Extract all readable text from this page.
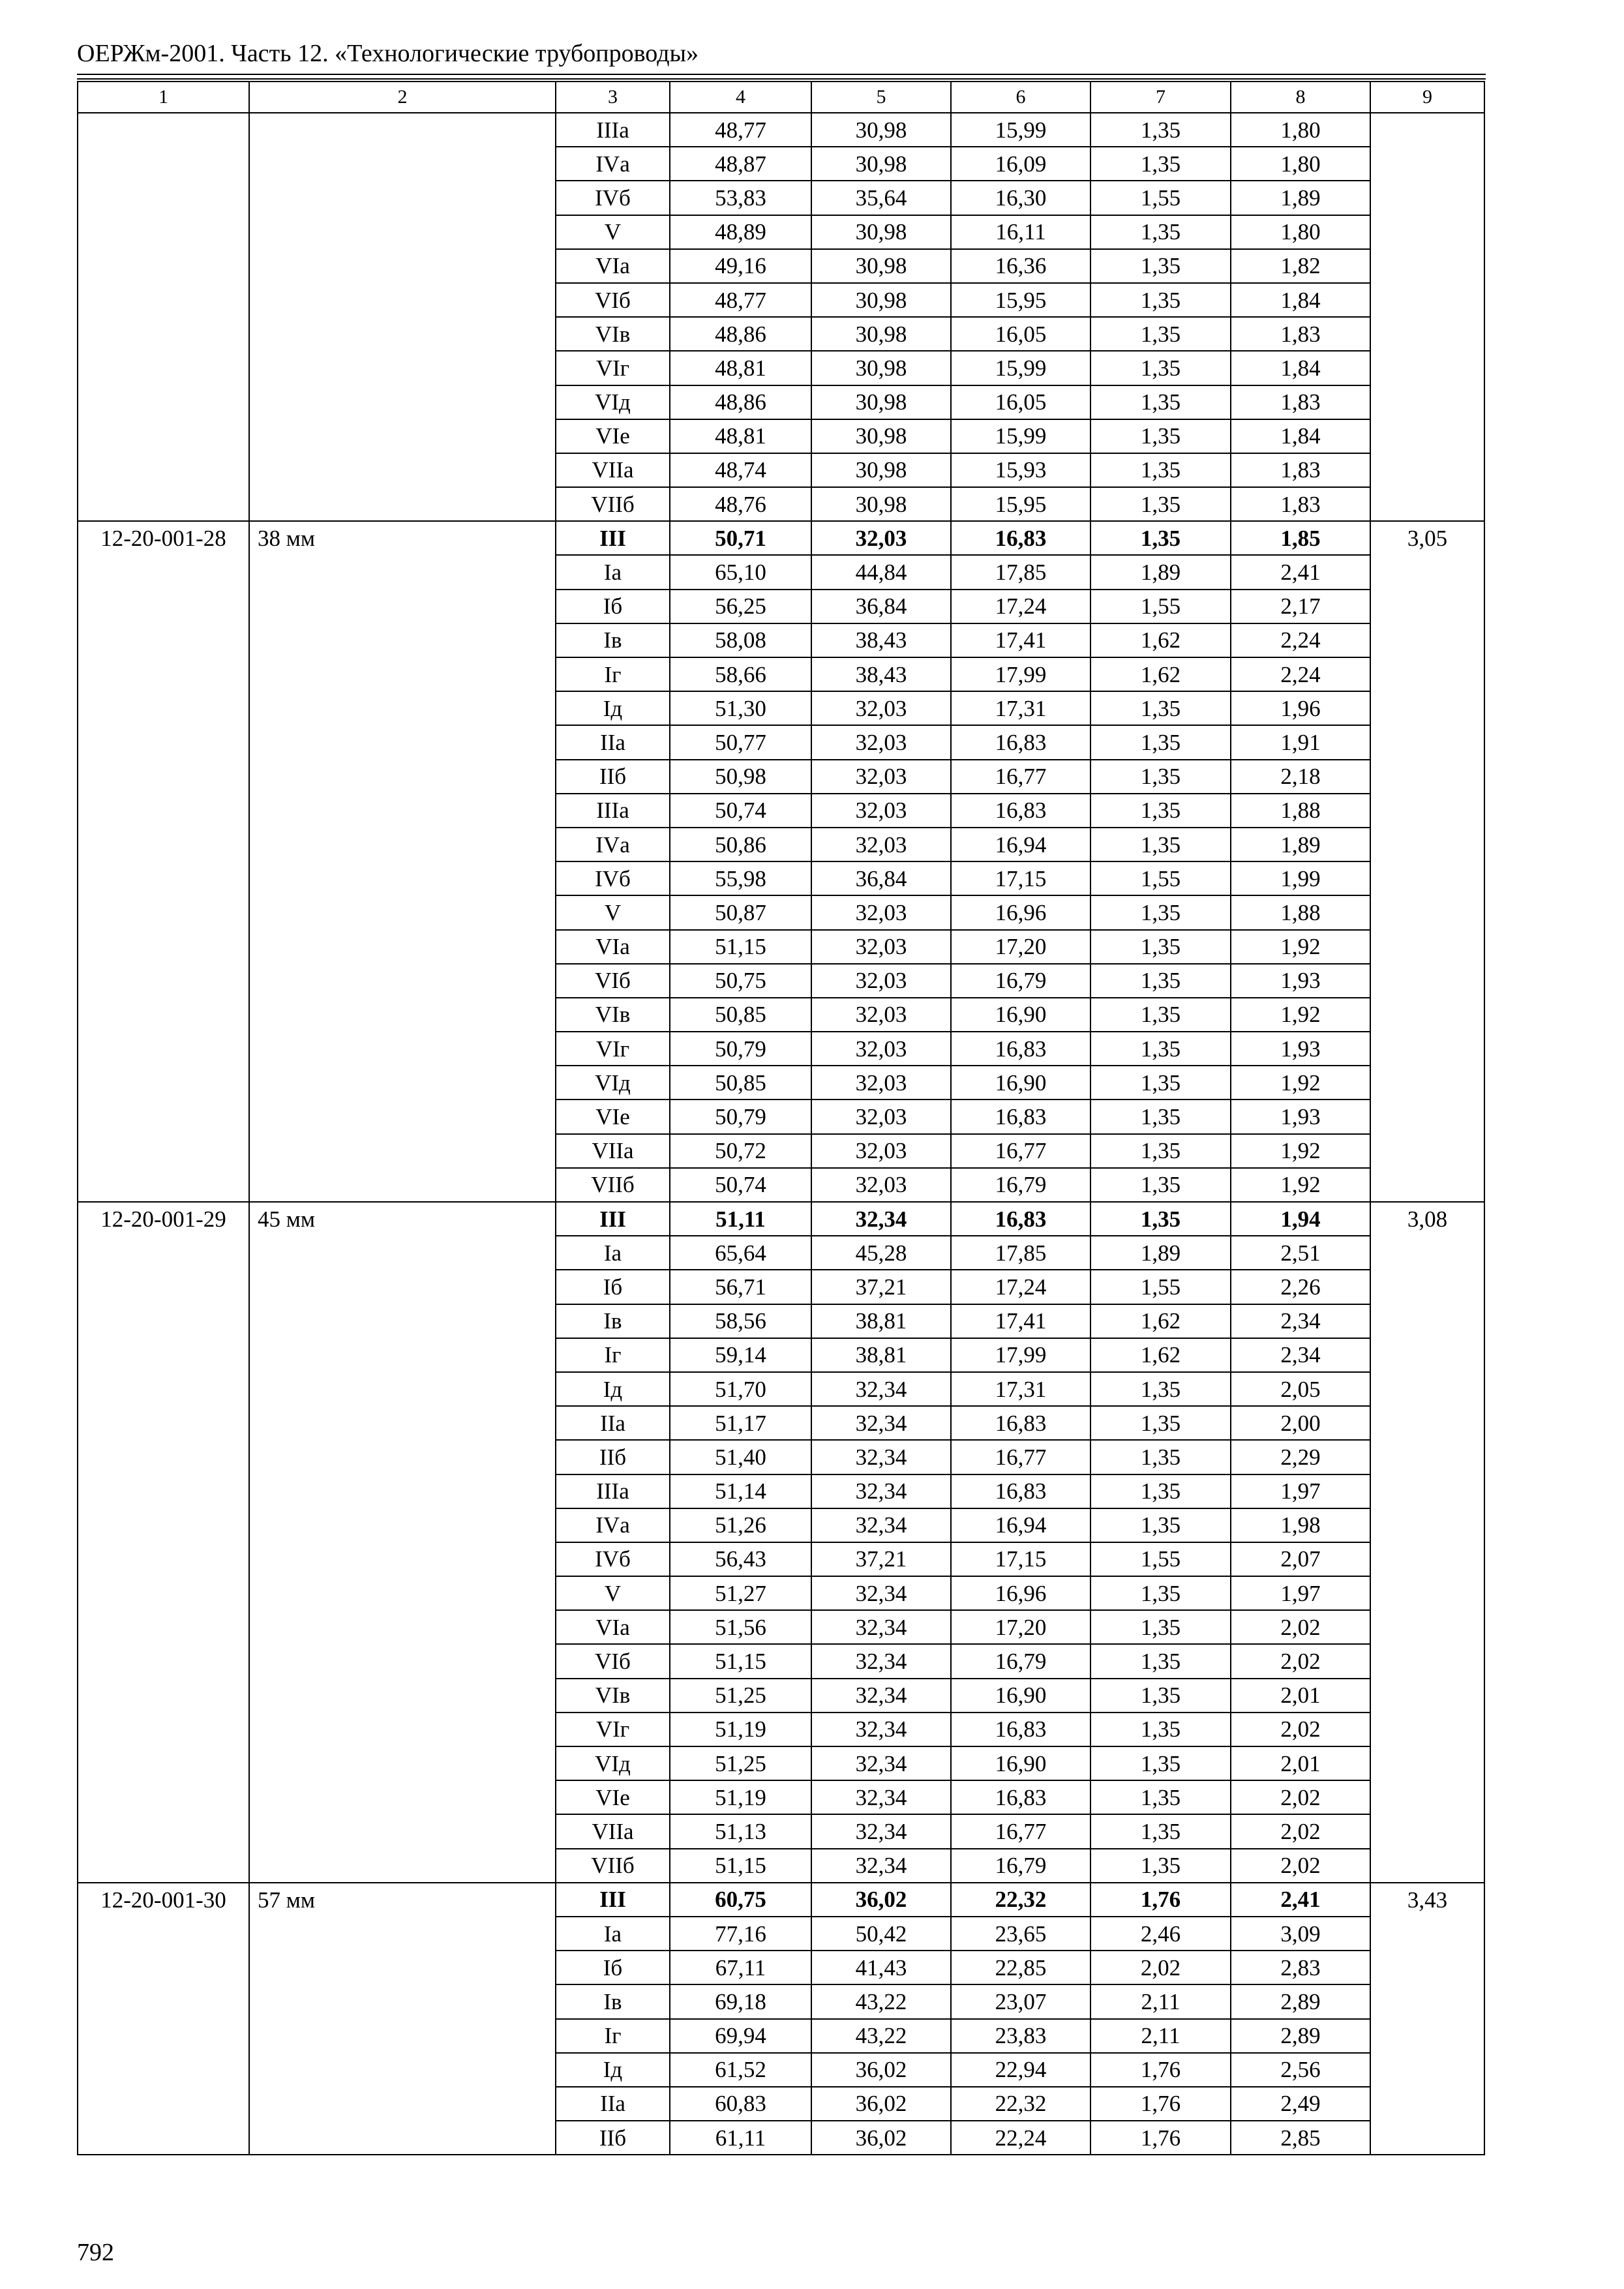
ОЕРЖм-2001. Часть 12. «Технологические трубопроводы»
1	2	3	4	5	6	7	8	9
		IIIа	48,77	30,98	15,99	1,35	1,80	
		IVа	48,87	30,98	16,09	1,35	1,80	
		IVб	53,83	35,64	16,30	1,55	1,89	
		V	48,89	30,98	16,11	1,35	1,80	
		VIа	49,16	30,98	16,36	1,35	1,82	
		VIб	48,77	30,98	15,95	1,35	1,84	
		VIв	48,86	30,98	16,05	1,35	1,83	
		VIг	48,81	30,98	15,99	1,35	1,84	
		VIд	48,86	30,98	16,05	1,35	1,83	
		VIе	48,81	30,98	15,99	1,35	1,84	
		VIIа	48,74	30,98	15,93	1,35	1,83	
		VIIб	48,76	30,98	15,95	1,35	1,83	
12-20-001-28	38 мм	III	50,71	32,03	16,83	1,35	1,85	3,05
		Iа	65,10	44,84	17,85	1,89	2,41	
		Iб	56,25	36,84	17,24	1,55	2,17	
		Iв	58,08	38,43	17,41	1,62	2,24	
		Iг	58,66	38,43	17,99	1,62	2,24	
		Iд	51,30	32,03	17,31	1,35	1,96	
		IIа	50,77	32,03	16,83	1,35	1,91	
		IIб	50,98	32,03	16,77	1,35	2,18	
		IIIа	50,74	32,03	16,83	1,35	1,88	
		IVа	50,86	32,03	16,94	1,35	1,89	
		IVб	55,98	36,84	17,15	1,55	1,99	
		V	50,87	32,03	16,96	1,35	1,88	
		VIа	51,15	32,03	17,20	1,35	1,92	
		VIб	50,75	32,03	16,79	1,35	1,93	
		VIв	50,85	32,03	16,90	1,35	1,92	
		VIг	50,79	32,03	16,83	1,35	1,93	
		VIд	50,85	32,03	16,90	1,35	1,92	
		VIе	50,79	32,03	16,83	1,35	1,93	
		VIIа	50,72	32,03	16,77	1,35	1,92	
		VIIб	50,74	32,03	16,79	1,35	1,92	
12-20-001-29	45 мм	III	51,11	32,34	16,83	1,35	1,94	3,08
		Iа	65,64	45,28	17,85	1,89	2,51	
		Iб	56,71	37,21	17,24	1,55	2,26	
		Iв	58,56	38,81	17,41	1,62	2,34	
		Iг	59,14	38,81	17,99	1,62	2,34	
		Iд	51,70	32,34	17,31	1,35	2,05	
		IIа	51,17	32,34	16,83	1,35	2,00	
		IIб	51,40	32,34	16,77	1,35	2,29	
		IIIа	51,14	32,34	16,83	1,35	1,97	
		IVа	51,26	32,34	16,94	1,35	1,98	
		IVб	56,43	37,21	17,15	1,55	2,07	
		V	51,27	32,34	16,96	1,35	1,97	
		VIа	51,56	32,34	17,20	1,35	2,02	
		VIб	51,15	32,34	16,79	1,35	2,02	
		VIв	51,25	32,34	16,90	1,35	2,01	
		VIг	51,19	32,34	16,83	1,35	2,02	
		VIд	51,25	32,34	16,90	1,35	2,01	
		VIе	51,19	32,34	16,83	1,35	2,02	
		VIIа	51,13	32,34	16,77	1,35	2,02	
		VIIб	51,15	32,34	16,79	1,35	2,02	
12-20-001-30	57 мм	III	60,75	36,02	22,32	1,76	2,41	3,43
		Iа	77,16	50,42	23,65	2,46	3,09	
		Iб	67,11	41,43	22,85	2,02	2,83	
		Iв	69,18	43,22	23,07	2,11	2,89	
		Iг	69,94	43,22	23,83	2,11	2,89	
		Iд	61,52	36,02	22,94	1,76	2,56	
		IIа	60,83	36,02	22,32	1,76	2,49	
		IIб	61,11	36,02	22,24	1,76	2,85	
792
